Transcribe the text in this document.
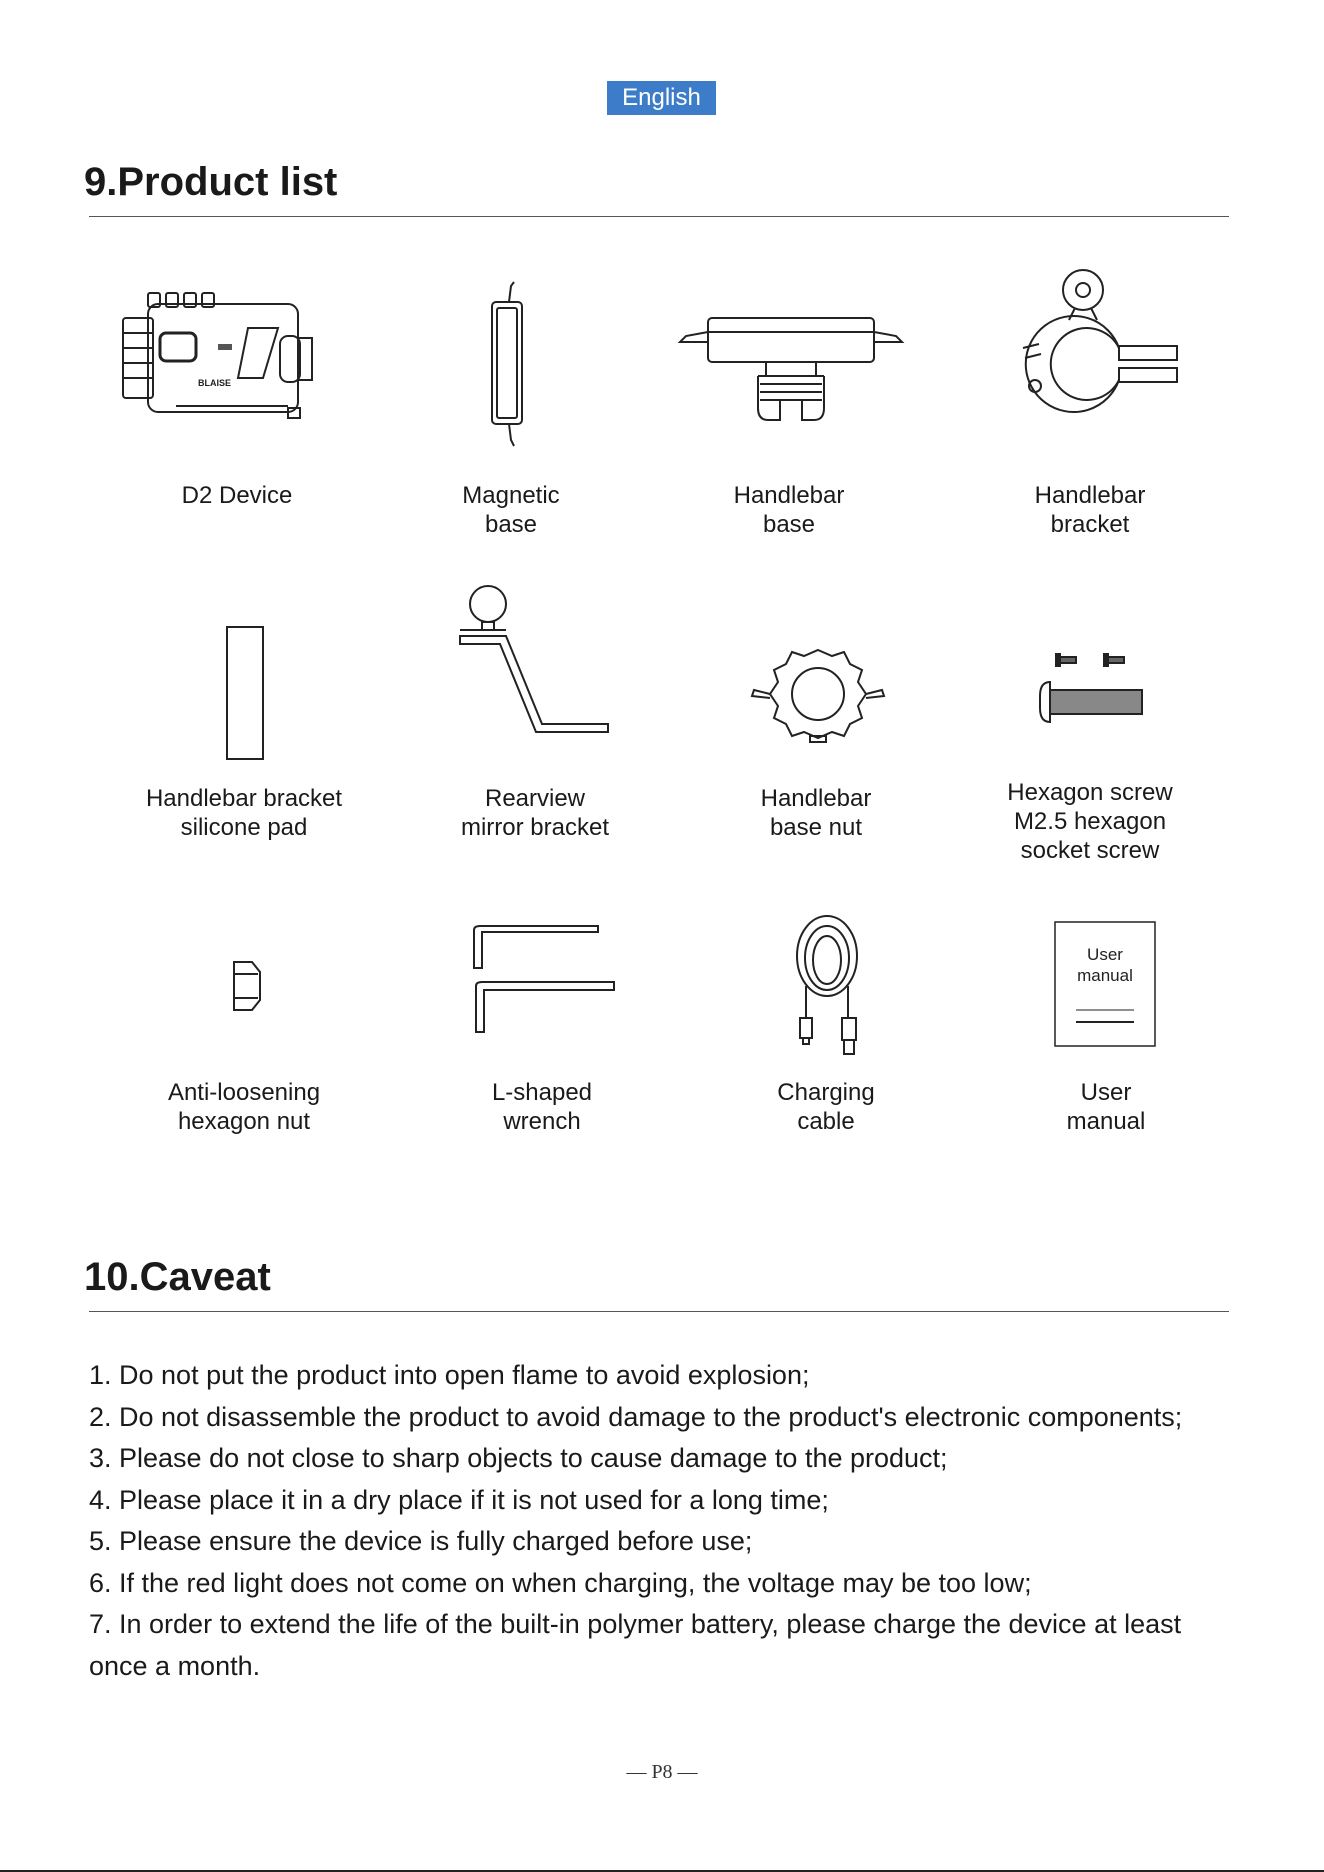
English
9.Product list
BLAISE
D2 Device	Magnetic
base
Handlebar
base
Handlebar
bracket
Handlebar bracket
silicone pad
Rearview
mirror bracket
Handlebar
base nut
Hexagon screw
M2.5 hexagon
socket screw
User
manual
Anti-loosening
hexagon nut
L-shaped
wrench
Charging
cable
User
manual
10.Caveat
1. Do not put the product into open flame to avoid explosion;
2. Do not disassemble the product to avoid damage to the product's electronic components;
3. Please do not close to sharp objects to cause damage to the product;
4. Please place it in a dry place if it is not used for a long time;
5. Please ensure the device is fully charged before use;
6. If the red light does not come on when charging, the voltage may be too low;
7. In order to extend the life of the built-in polymer battery, please charge the device at least once a month.
— P8 —
